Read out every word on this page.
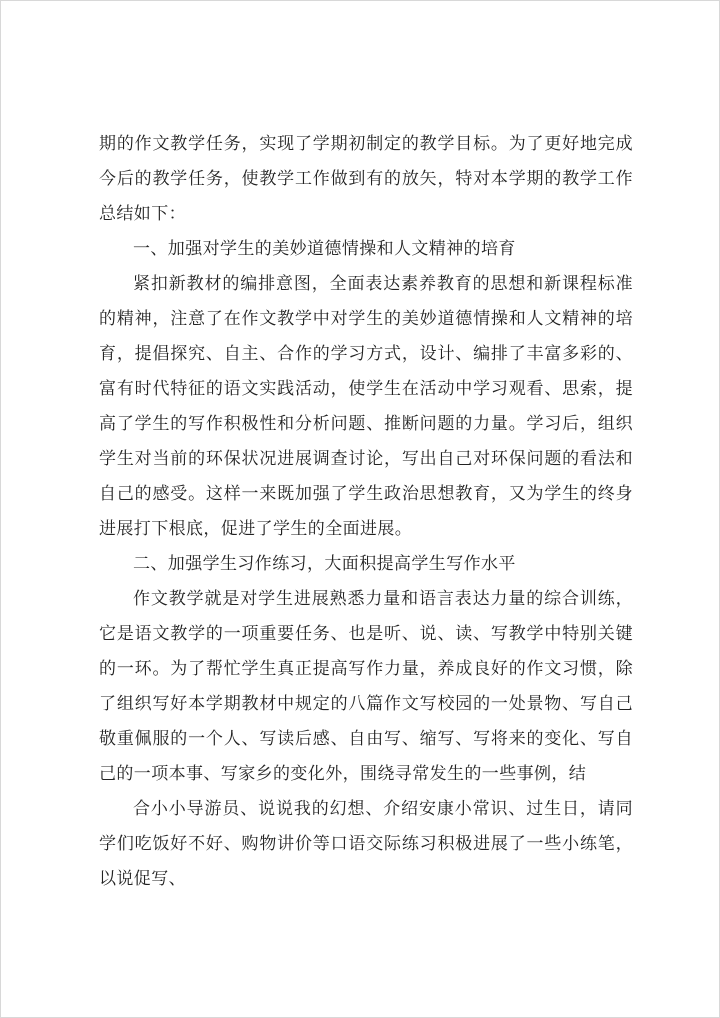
期的作文教学任务，实现了学期初制定的教学目标。为了更好地完成今后的教学任务，使教学工作做到有的放矢，特对本学期的教学工作总结如下：

一、加强对学生的美妙道德情操和人文精神的培育

紧扣新教材的编排意图，全面表达素养教育的思想和新课程标准的精神，注意了在作文教学中对学生的美妙道德情操和人文精神的培育，提倡探究、自主、合作的学习方式，设计、编排了丰富多彩的、富有时代特征的语文实践活动，使学生在活动中学习观看、思索，提高了学生的写作积极性和分析问题、推断问题的力量。学习后，组织学生对当前的环保状况进展调查讨论，写出自己对环保问题的看法和自己的感受。这样一来既加强了学生政治思想教育，又为学生的终身进展打下根底，促进了学生的全面进展。

二、加强学生习作练习，大面积提高学生写作水平

作文教学就是对学生进展熟悉力量和语言表达力量的综合训练，它是语文教学的一项重要任务、也是听、说、读、写教学中特别关键的一环。为了帮忙学生真正提高写作力量，养成良好的作文习惯，除了组织写好本学期教材中规定的八篇作文写校园的一处景物、写自己敬重佩服的一个人、写读后感、自由写、缩写、写将来的变化、写自己的一项本事、写家乡的变化外，围绕寻常发生的一些事例，结

合小小导游员、说说我的幻想、介绍安康小常识、过生日，请同学们吃饭好不好、购物讲价等口语交际练习积极进展了一些小练笔，以说促写、
